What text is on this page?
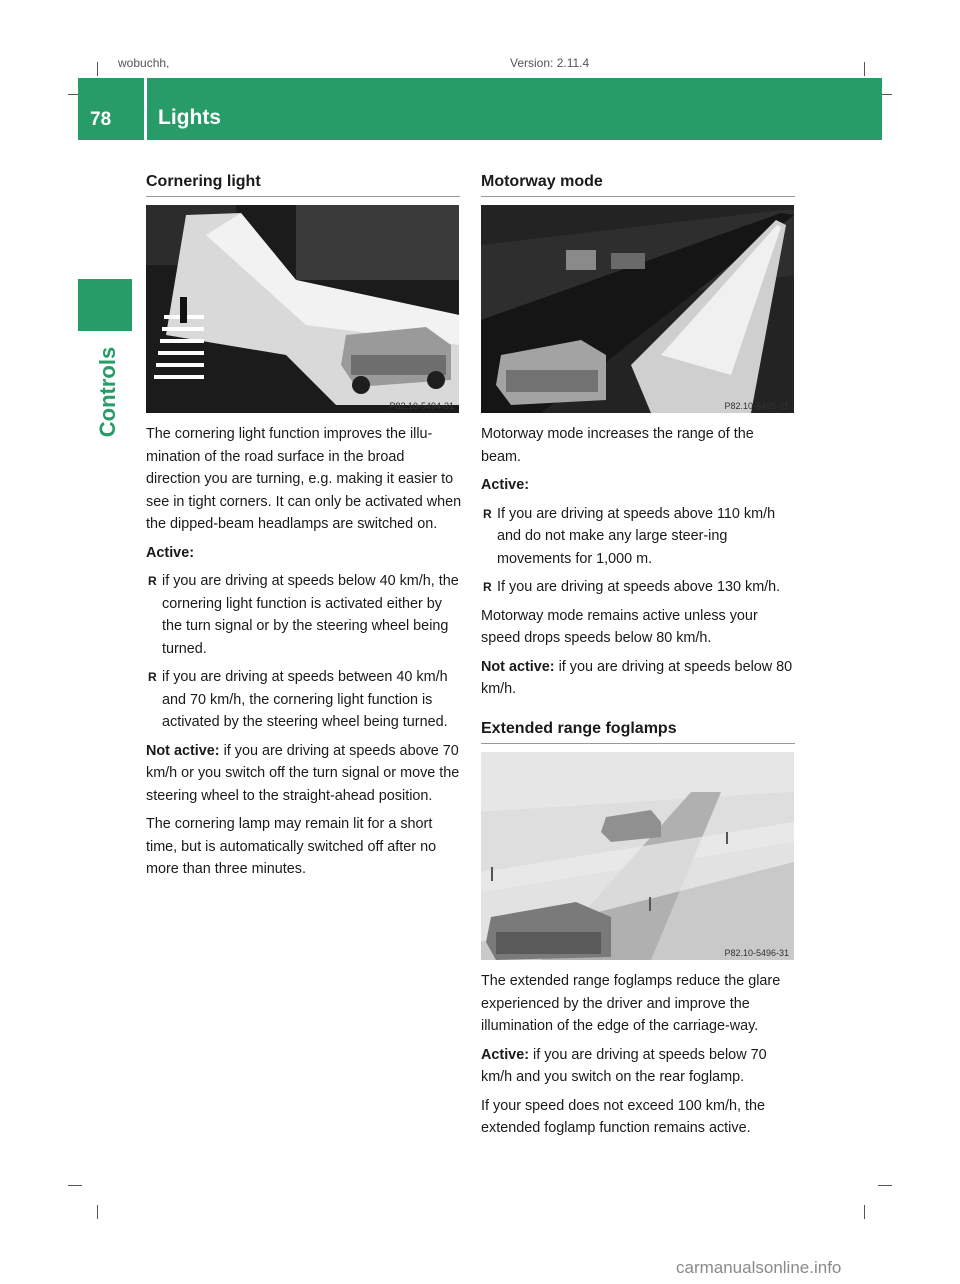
wobuchh,	Version: 2.11.4
78 Lights
Controls
Cornering light
P82.10-5494-31

The cornering light function improves the illu-mination of the road surface in the broad direction you are turning, e.g. making it easier to see in tight corners. It can only be activated when the dipped-beam headlamps are switched on.

Active:

R if you are driving at speeds below 40 km/h, the cornering light function is activated either by the turn signal or by the steering wheel being turned.
R if you are driving at speeds between 40 km/h and 70 km/h, the cornering light function is activated by the steering wheel being turned.

Not active: if you are driving at speeds above 70 km/h or you switch off the turn signal or move the steering wheel to the straight-ahead position.

The cornering lamp may remain lit for a short time, but is automatically switched off after no more than three minutes.

Motorway mode
P82.10-5495-31

Motorway mode increases the range of the beam.

Active:

R If you are driving at speeds above 110 km/h and do not make any large steer-ing movements for 1,000 m.
R If you are driving at speeds above 130 km/h.

Motorway mode remains active unless your speed drops speeds below 80 km/h.

Not active: if you are driving at speeds below 80 km/h.

Extended range foglamps
P82.10-5496-31

The extended range foglamps reduce the glare experienced by the driver and improve the illumination of the edge of the carriage-way.

Active: if you are driving at speeds below 70 km/h and you switch on the rear foglamp.

If your speed does not exceed 100 km/h, the extended foglamp function remains active.

carmanualsonline.info
